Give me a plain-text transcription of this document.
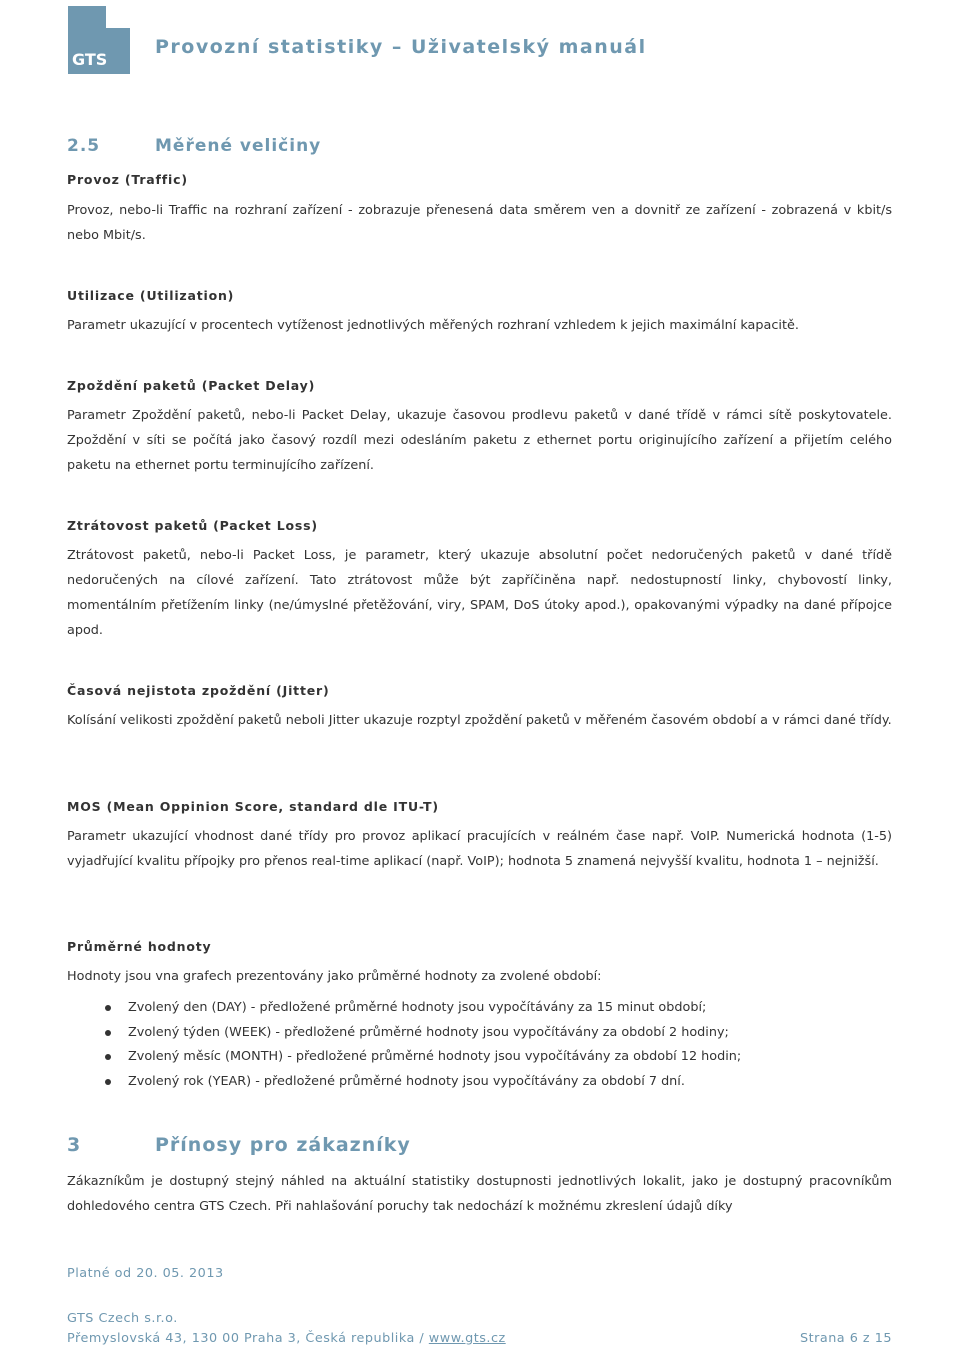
GTS
Provozní statistiky – Uživatelský manuál
2.5	Měřené veličiny
Provoz (Traffic)
Provoz, nebo-li Traffic na rozhraní zařízení - zobrazuje přenesená data směrem ven a dovnitř ze zařízení - zobrazená v kbit/s nebo Mbit/s.
Utilizace (Utilization)
Parametr ukazující v procentech vytíženost jednotlivých měřených rozhraní vzhledem k jejich maximální kapacitě.
Zpoždění paketů (Packet Delay)
Parametr Zpoždění paketů, nebo-li Packet Delay, ukazuje časovou prodlevu paketů v dané třídě v rámci sítě poskytovatele. Zpoždění v síti se počítá jako časový rozdíl mezi odesláním paketu z ethernet portu originujícího zařízení a přijetím celého paketu na ethernet portu terminujícího zařízení.
Ztrátovost paketů (Packet Loss)
Ztrátovost paketů, nebo-li Packet Loss, je parametr, který ukazuje absolutní počet nedoručených paketů v dané třídě nedoručených na cílové zařízení. Tato ztrátovost může být zapříčiněna např. nedostupností linky, chybovostí linky, momentálním přetížením linky (ne/úmyslné přetěžování, viry, SPAM, DoS útoky apod.), opakovanými výpadky na dané přípojce apod.
Časová nejistota zpoždění (Jitter)
Kolísání velikosti zpoždění paketů neboli Jitter ukazuje rozptyl zpoždění paketů v měřeném časovém období a v rámci dané třídy.
MOS (Mean Oppinion Score, standard dle ITU-T)
Parametr ukazující vhodnost dané třídy pro provoz aplikací pracujících v reálném čase např. VoIP. Numerická hodnota (1-5) vyjadřující kvalitu přípojky pro přenos real-time aplikací (např. VoIP); hodnota 5 znamená nejvyšší kvalitu, hodnota 1 – nejnižší.
Průměrné hodnoty
Hodnoty jsou vna grafech prezentovány jako průměrné hodnoty za zvolené období:
Zvolený den (DAY) - předložené průměrné hodnoty jsou vypočítávány za 15 minut období;
Zvolený týden (WEEK) - předložené průměrné hodnoty jsou vypočítávány za období 2 hodiny;
Zvolený měsíc (MONTH) - předložené průměrné hodnoty jsou vypočítávány za období 12 hodin;
Zvolený rok (YEAR) - předložené průměrné hodnoty jsou vypočítávány za období 7 dní.
3	Přínosy pro zákazníky
Zákazníkům je dostupný stejný náhled na aktuální statistiky dostupnosti jednotlivých lokalit, jako je dostupný pracovníkům dohledového centra GTS Czech. Při nahlašování poruchy tak nedochází k možnému zkreslení údajů díky
Platné od 20. 05. 2013
GTS Czech s.r.o.
Přemyslovská 43, 130 00 Praha 3, Česká republika / www.gts.cz	Strana 6 z 15
